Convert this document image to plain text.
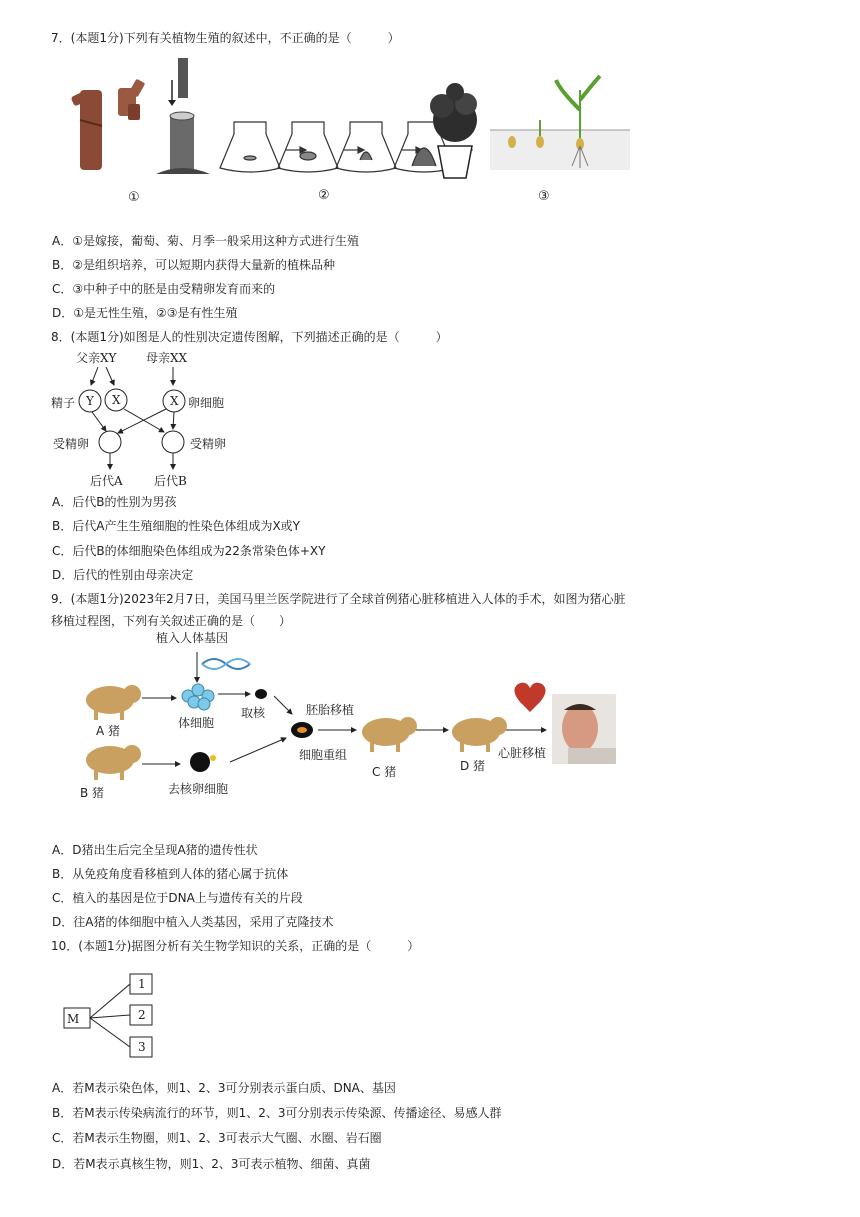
7．(本题1分)下列有关植物生殖的叙述中，不正确的是（　　　）
①	②	③
A．①是嫁接，葡萄、菊、月季一般采用这种方式进行生殖
B．②是组织培养，可以短期内获得大量新的植株品种
C．③中种子中的胚是由受精卵发育而来的
D．①是无性生殖，②③是有性生殖
8．(本题1分)如图是人的性别决定遗传图解，下列描述正确的是（　　　）
父亲XY 母亲XX
精子 Y X	X 卵细胞
受精卵	受精卵
后代A	后代B
A．后代B的性别为男孩
B．后代A产生生殖细胞的性染色体组成为X或Y
C．后代B的体细胞染色体组成为22条常染色体+XY
D．后代的性别由母亲决定
9．(本题1分)2023年2月7日，美国马里兰医学院进行了全球首例猪心脏移植进入人体的手术，如图为猪心脏
移植过程图，下列有关叙述正确的是（　　）
植入人体基因
A 猪
体细胞
取核	胚胎移植
细胞重组
B 猪	去核卵细胞
C 猪	D 猪
心脏移植
A．D猪出生后完全呈现A猪的遗传性状
B．从免疫角度看移植到人体的猪心属于抗体
C．植入的基因是位于DNA上与遗传有关的片段
D．往A猪的体细胞中植入人类基因，采用了克隆技术
10．(本题1分)据图分析有关生物学知识的关系，正确的是（　　　）
M
1
2
3
A．若M表示染色体，则1、2、3可分别表示蛋白质、DNA、基因
B．若M表示传染病流行的环节，则1、2、3可分别表示传染源、传播途径、易感人群
C．若M表示生物圈，则1、2、3可表示大气圈、水圈、岩石圈
D．若M表示真核生物，则1、2、3可表示植物、细菌、真菌
